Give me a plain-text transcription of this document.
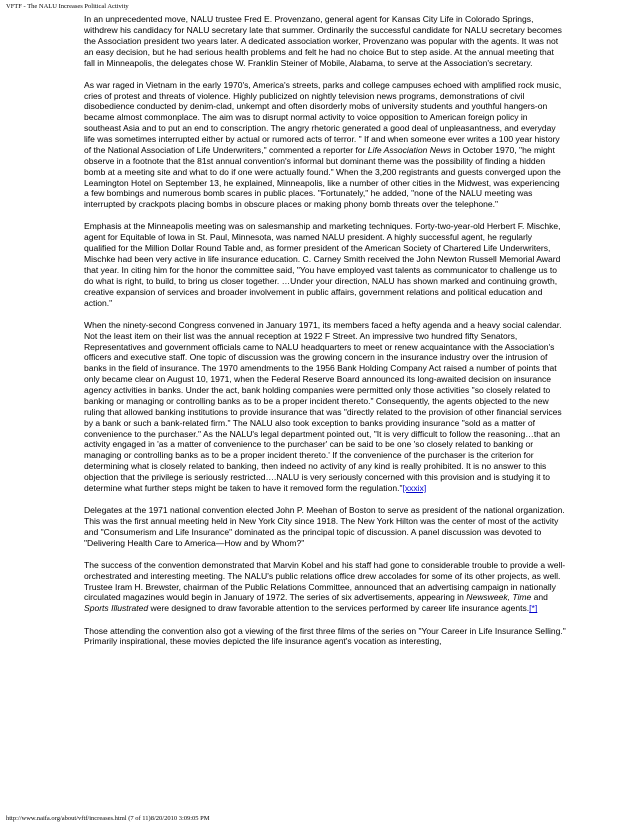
VFTF - The NALU Increases Political Activity

In an unprecedented move, NALU trustee Fred E. Provenzano, general agent for Kansas City Life in Colorado Springs, withdrew his candidacy for NALU secretary late that summer. Ordinarily the successful candidate for NALU secretary becomes the Association president two years later. A dedicated association worker, Provenzano was popular with the agents. It was not an easy decision, but he had serious health problems and felt he had no choice But to step aside. At the annual meeting that fall in Minneapolis, the delegates chose W. Franklin Steiner of Mobile, Alabama, to serve at the Association's secretary.

As war raged in Vietnam in the early 1970's, America's streets, parks and college campuses echoed with amplified rock music, cries of protest and threats of violence. Highly publicized on nightly television news programs, demonstrations of civil disobedience conducted by denim-clad, unkempt and often disorderly mobs of university students and youthful hangers-on became almost commonplace. The aim was to disrupt normal activity to voice opposition to American foreign policy in southeast Asia and to put an end to conscription. The angry rhetoric generated a good deal of unpleasantness, and everyday life was sometimes interrupted either by actual or rumored acts of terror. " If and when someone ever writes a 100 year history of the National Association of Life Underwriters," commented a reporter for Life Association News in October 1970, "he might observe in a footnote that the 81st annual convention's informal but dominant theme was the possibility of finding a hidden bomb at a meeting site and what to do if one were actually found." When the 3,200 registrants and guests converged upon the Leamington Hotel on September 13, he explained, Minneapolis, like a number of other cities in the Midwest, was experiencing a few bombings and numerous bomb scares in public places. "Fortunately," he added, "none of the NALU meeting was interrupted by crackpots placing bombs in obscure places or making phony bomb threats over the telephone."

Emphasis at the Minneapolis meeting was on salesmanship and marketing techniques. Forty-two-year-old Herbert F. Mischke, agent for Equitable of Iowa in St. Paul, Minnesota, was named NALU president. A highly successful agent, he regularly qualified for the Million Dollar Round Table and, as former president of the American Society of Chartered Life Underwriters, Mischke had been very active in life insurance education. C. Carney Smith received the John Newton Russell Memorial Award that year. In citing him for the honor the committee said, "You have employed vast talents as communicator to challenge us to do what is right, to build, to bring us closer together. …Under your direction, NALU has shown marked and continuing growth, creative expansion of services and broader involvement in public affairs, government relations and political education and action."

When the ninety-second Congress convened in January 1971, its members faced a hefty agenda and a heavy social calendar. Not the least item on their list was the annual reception at 1922 F Street. An impressive two hundred fifty Senators, Representatives and government officials came to NALU headquarters to meet or renew acquaintance with the Association's officers and executive staff. One topic of discussion was the growing concern in the insurance industry over the intrusion of banks in the field of insurance. The 1970 amendments to the 1956 Bank Holding Company Act raised a number of points that only became clear on August 10, 1971, when the Federal Reserve Board announced its long-awaited decision on insurance agency activities in banks. Under the act, bank holding companies were permitted only those activities "so closely related to banking or managing or controlling banks as to be a proper incident thereto." Consequently, the agents objected to the new ruling that allowed banking institutions to provide insurance that was "directly related to the provision of other financial services by a bank or such a bank-related firm." The NALU also took exception to banks providing insurance "sold as a matter of convenience to the purchaser." As the NALU's legal department pointed out, "It is very difficult to follow the reasoning…that an activity engaged in 'as a matter of convenience to the purchaser' can be said to be one 'so closely related to banking or managing or controlling banks as to be a proper incident thereto.' If the convenience of the purchaser is the criterion for determining what is closely related to banking, then indeed no activity of any kind is really prohibited. It is no answer to this objection that the privilege is seriously restricted….NALU is very seriously concerned with this provision and is studying it to determine what further steps might be taken to have it removed form the regulation."[xxxix]

Delegates at the 1971 national convention elected John P. Meehan of Boston to serve as president of the national organization. This was the first annual meeting held in New York City since 1918. The New York Hilton was the center of most of the activity and "Consumerism and Life Insurance" dominated as the principal topic of discussion. A panel discussion was devoted to "Delivering Health Care to America—How and by Whom?"

The success of the convention demonstrated that Marvin Kobel and his staff had gone to considerable trouble to provide a well-orchestrated and interesting meeting. The NALU's public relations office drew accolades for some of its other projects, as well. Trustee Iram H. Brewster, chairman of the Public Relations Committee, announced that an advertising campaign in nationally circulated magazines would begin in January of 1972. The series of six advertisements, appearing in Newsweek, Time and Sports Illustrated were designed to draw favorable attention to the services performed by career life insurance agents.[*]

Those attending the convention also got a viewing of the first three films of the series on "Your Career in Life Insurance Selling." Primarily inspirational, these movies depicted the life insurance agent's vocation as interesting,

http://www.naifa.org/about/vftf/increases.html (7 of 11)8/20/2010 3:09:05 PM
